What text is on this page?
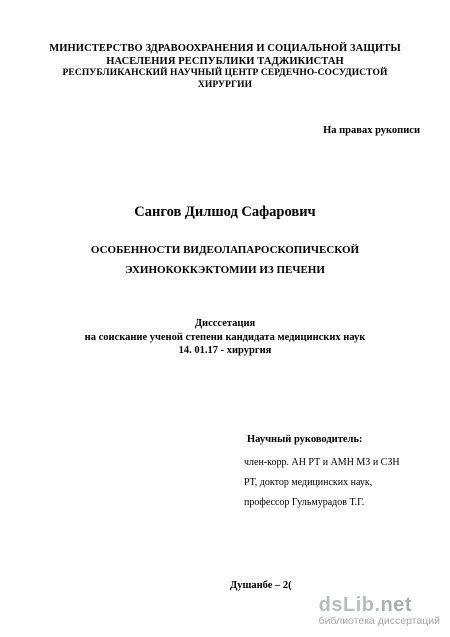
МИНИСТЕРСТВО ЗДРАВООХРАНЕНИЯ И СОЦИАЛЬНОЙ ЗАЩИТЫ
НАСЕЛЕНИЯ РЕСПУБЛИКИ ТАДЖИКИСТАН
РЕСПУБЛИКАНСКИЙ НАУЧНЫЙ ЦЕНТР СЕРДЕЧНО-СОСУДИСТОЙ
ХИРУРГИИ
На правах рукописи
Сангов Дилшод Сафарович
ОСОБЕННОСТИ ВИДЕОЛАПАРОСКОПИЧЕСКОЙ
ЭХИНОКОККЭКТОМИИ ИЗ ПЕЧЕНИ
Дисссетация
на соискание ученой степени кандидата медицинских наук
14. 01.17 - хирургия
Научный руководитель:
член-корр. АН РТ и АМН МЗ и СЗН
РТ, доктор медицинских наук,
профессор Гульмурадов Т.Г.
Душанбе – 2(
dsLib.net
библиотека диссертаций
